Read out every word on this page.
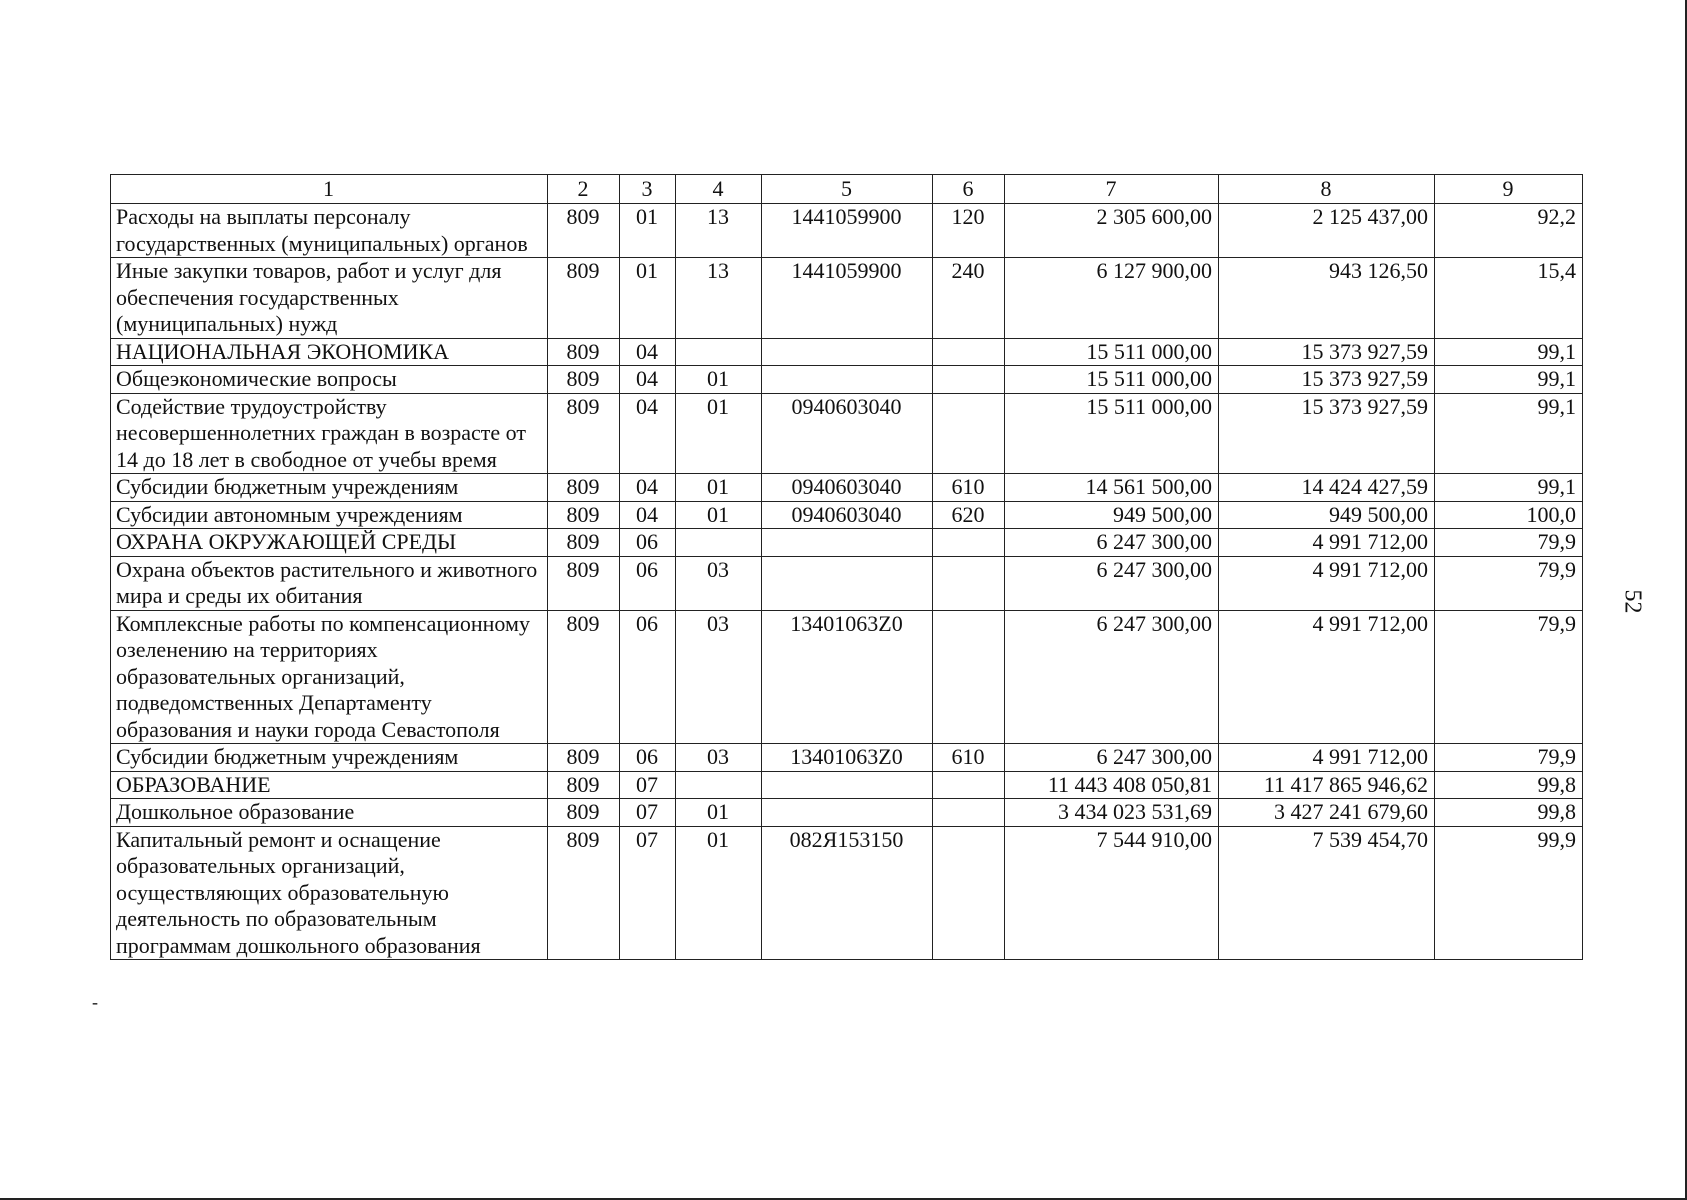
1	2	3	4	5	6	7	8	9
Расходы на выплаты персоналу государственных (муниципальных) органов	809	01	13	1441059900	120	2 305 600,00	2 125 437,00	92,2
Иные закупки товаров, работ и услуг для обеспечения государственных (муниципальных) нужд	809	01	13	1441059900	240	6 127 900,00	943 126,50	15,4
НАЦИОНАЛЬНАЯ ЭКОНОМИКА	809	04				15 511 000,00	15 373 927,59	99,1
Общеэкономические вопросы	809	04	01			15 511 000,00	15 373 927,59	99,1
Содействие трудоустройству несовершеннолетних граждан в возрасте от 14 до 18 лет в свободное от учебы время	809	04	01	0940603040		15 511 000,00	15 373 927,59	99,1
Субсидии бюджетным учреждениям	809	04	01	0940603040	610	14 561 500,00	14 424 427,59	99,1
Субсидии автономным учреждениям	809	04	01	0940603040	620	949 500,00	949 500,00	100,0
ОХРАНА ОКРУЖАЮЩЕЙ СРЕДЫ	809	06				6 247 300,00	4 991 712,00	79,9
Охрана объектов растительного и животного мира и среды их обитания	809	06	03			6 247 300,00	4 991 712,00	79,9
Комплексные работы по компенсационному озеленению на территориях образовательных организаций, подведомственных Департаменту образования и науки города Севастополя	809	06	03	13401063Z0		6 247 300,00	4 991 712,00	79,9
Субсидии бюджетным учреждениям	809	06	03	13401063Z0	610	6 247 300,00	4 991 712,00	79,9
ОБРАЗОВАНИЕ	809	07				11 443 408 050,81	11 417 865 946,62	99,8
Дошкольное образование	809	07	01			3 434 023 531,69	3 427 241 679,60	99,8
Капитальный ремонт и оснащение образовательных организаций, осуществляющих образовательную деятельность по образовательным программам дошкольного образования	809	07	01	082Я153150		7 544 910,00	7 539 454,70	99,9
52
-
